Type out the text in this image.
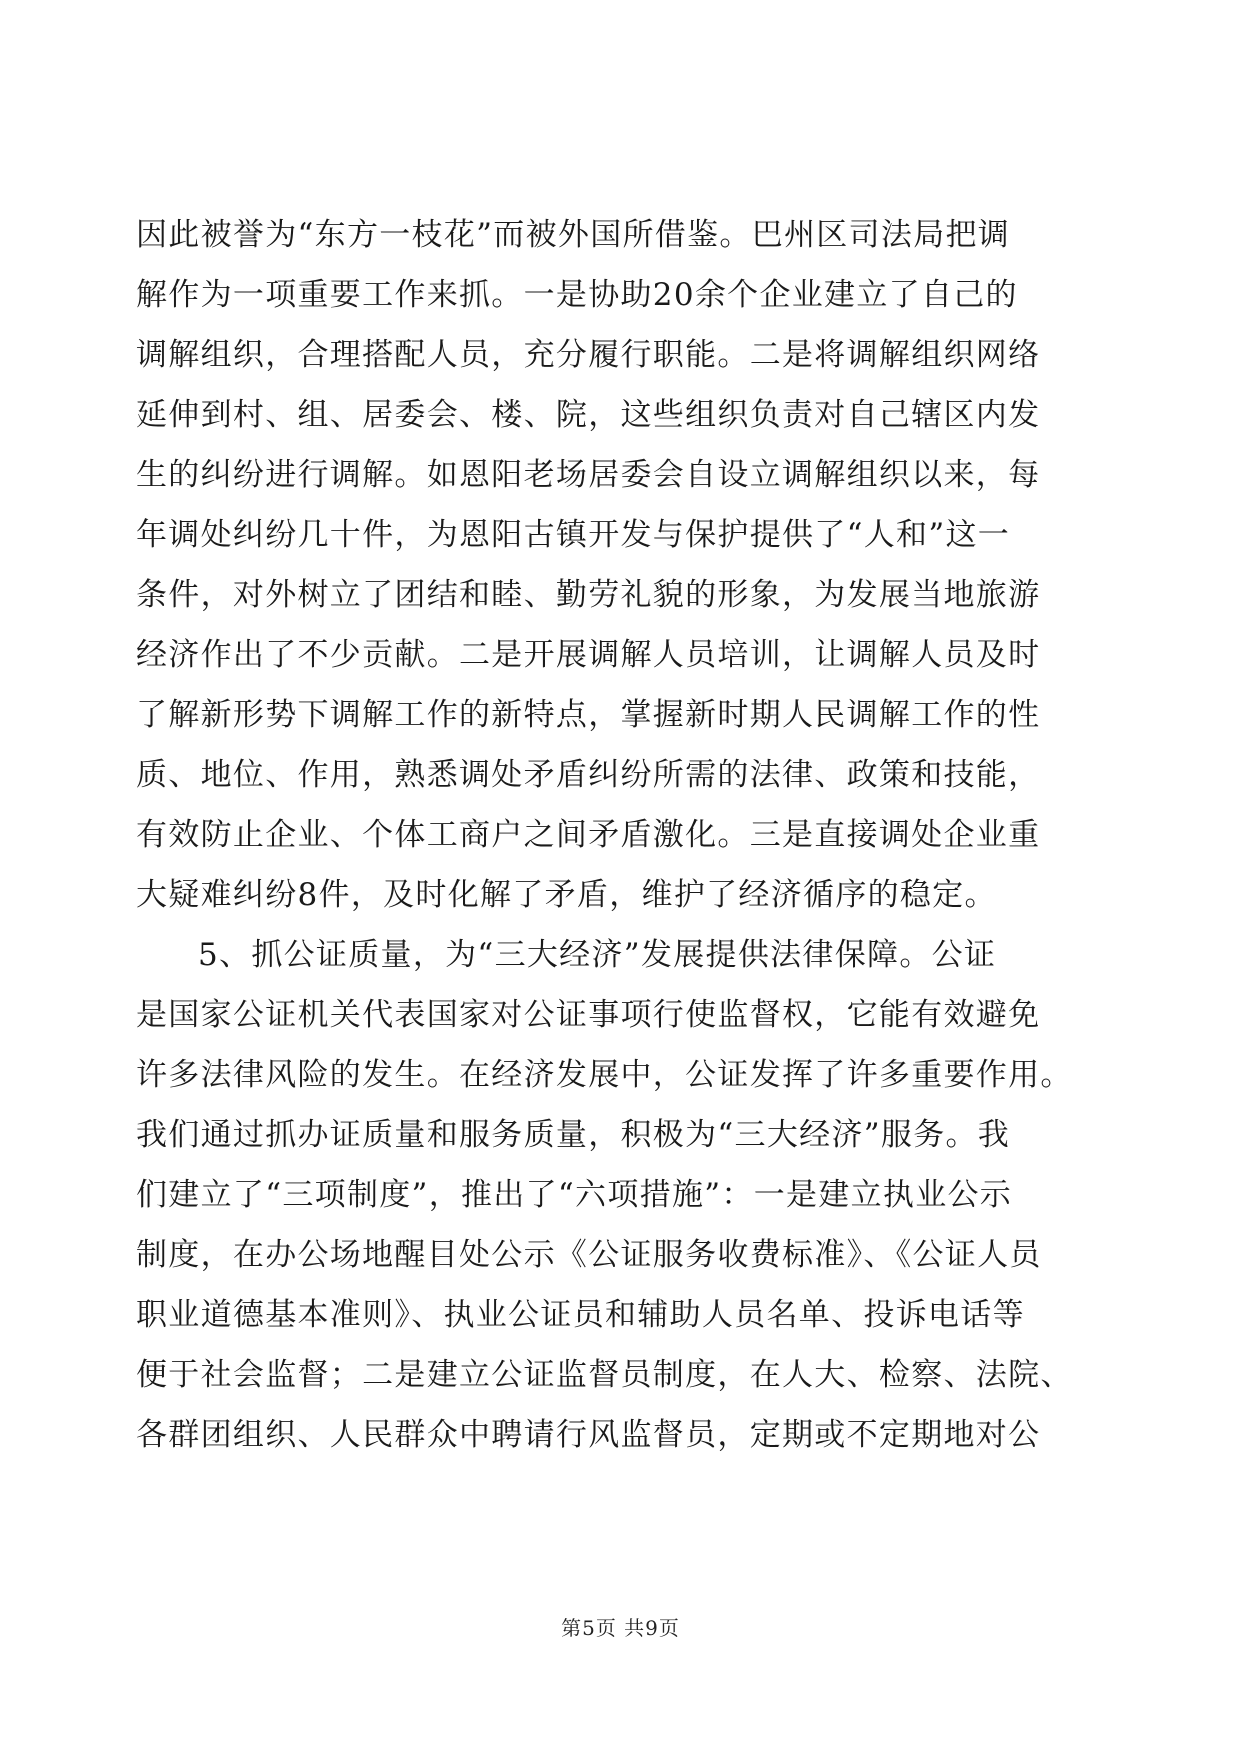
因此被誉为“东方一枝花”而被外国所借鉴。巴州区司法局把调
解作为一项重要工作来抓。一是协助20余个企业建立了自己的
调解组织，合理搭配人员，充分履行职能。二是将调解组织网络
延伸到村、组、居委会、楼、院，这些组织负责对自己辖区内发
生的纠纷进行调解。如恩阳老场居委会自设立调解组织以来，每
年调处纠纷几十件，为恩阳古镇开发与保护提供了“人和”这一
条件，对外树立了团结和睦、勤劳礼貌的形象，为发展当地旅游
经济作出了不少贡献。二是开展调解人员培训，让调解人员及时
了解新形势下调解工作的新特点，掌握新时期人民调解工作的性
质、地位、作用，熟悉调处矛盾纠纷所需的法律、政策和技能，
有效防止企业、个体工商户之间矛盾激化。三是直接调处企业重
大疑难纠纷8件，及时化解了矛盾，维护了经济循序的稳定。
5、抓公证质量，为“三大经济”发展提供法律保障。公证
是国家公证机关代表国家对公证事项行使监督权，它能有效避免
许多法律风险的发生。在经济发展中，公证发挥了许多重要作用。
我们通过抓办证质量和服务质量，积极为“三大经济”服务。我
们建立了“三项制度”，推出了“六项措施”：一是建立执业公示
制度，在办公场地醒目处公示《公证服务收费标准》、《公证人员
职业道德基本准则》、执业公证员和辅助人员名单、投诉电话等
便于社会监督；二是建立公证监督员制度，在人大、检察、法院、
各群团组织、人民群众中聘请行风监督员，定期或不定期地对公
第5页 共9页
